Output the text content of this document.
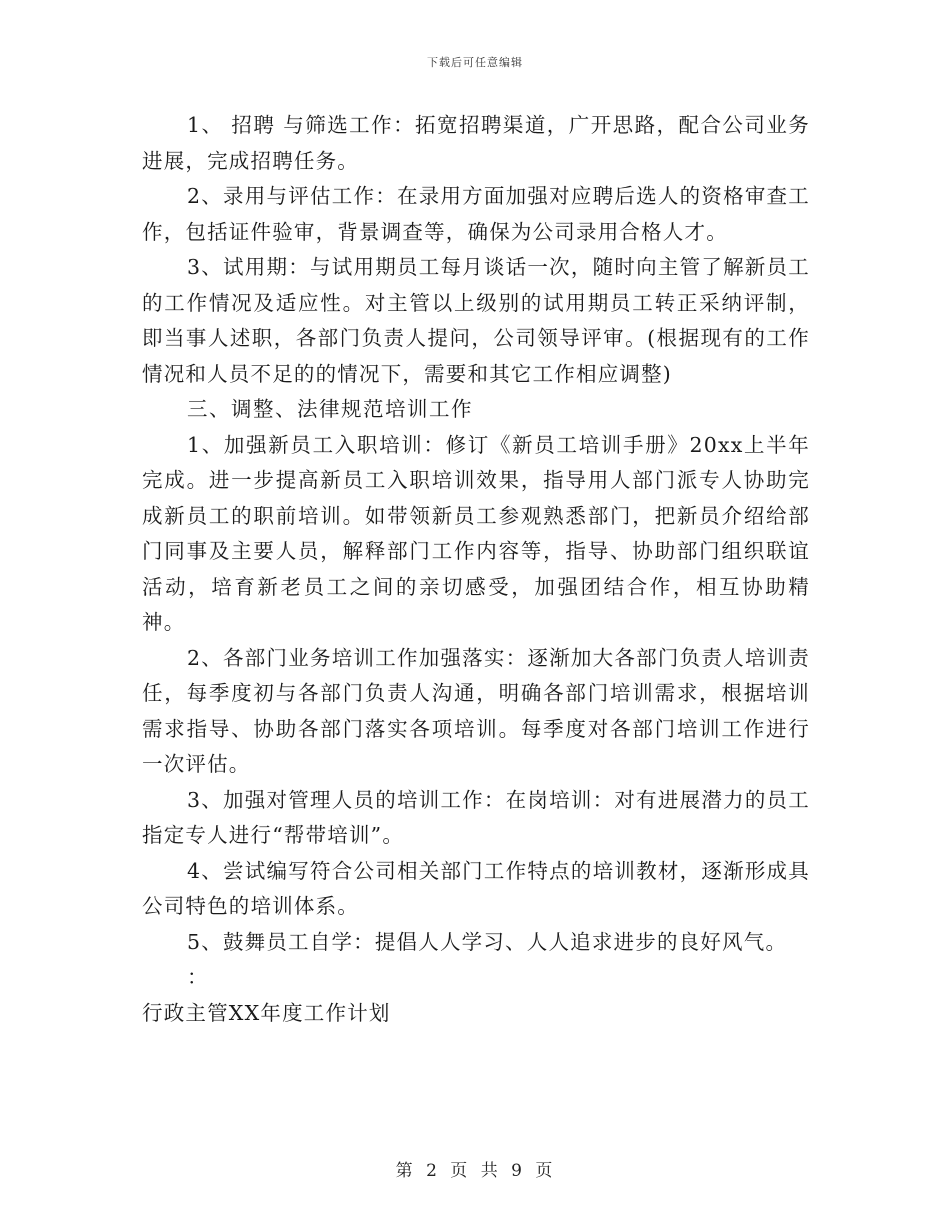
下载后可任意编辑

1、 招聘 与筛选工作：拓宽招聘渠道，广开思路，配合公司业务进展，完成招聘任务。

2、录用与评估工作：在录用方面加强对应聘后选人的资格审查工作，包括证件验审，背景调查等，确保为公司录用合格人才。

3、试用期：与试用期员工每月谈话一次，随时向主管了解新员工的工作情况及适应性。对主管以上级别的试用期员工转正采纳评制，即当事人述职，各部门负责人提问，公司领导评审。(根据现有的工作情况和人员不足的的情况下，需要和其它工作相应调整)

三、调整、法律规范培训工作

1、加强新员工入职培训：修订《新员工培训手册》20xx上半年完成。进一步提高新员工入职培训效果，指导用人部门派专人协助完成新员工的职前培训。如带领新员工参观熟悉部门，把新员介绍给部门同事及主要人员，解释部门工作内容等，指导、协助部门组织联谊活动，培育新老员工之间的亲切感受，加强团结合作，相互协助精神。

2、各部门业务培训工作加强落实：逐渐加大各部门负责人培训责任，每季度初与各部门负责人沟通，明确各部门培训需求，根据培训需求指导、协助各部门落实各项培训。每季度对各部门培训工作进行一次评估。

3、加强对管理人员的培训工作：在岗培训：对有进展潜力的员工指定专人进行“帮带培训”。

4、尝试编写符合公司相关部门工作特点的培训教材，逐渐形成具公司特色的培训体系。

5、鼓舞员工自学：提倡人人学习、人人追求进步的良好风气。

：

行政主管XX年度工作计划

第 2 页 共 9 页
